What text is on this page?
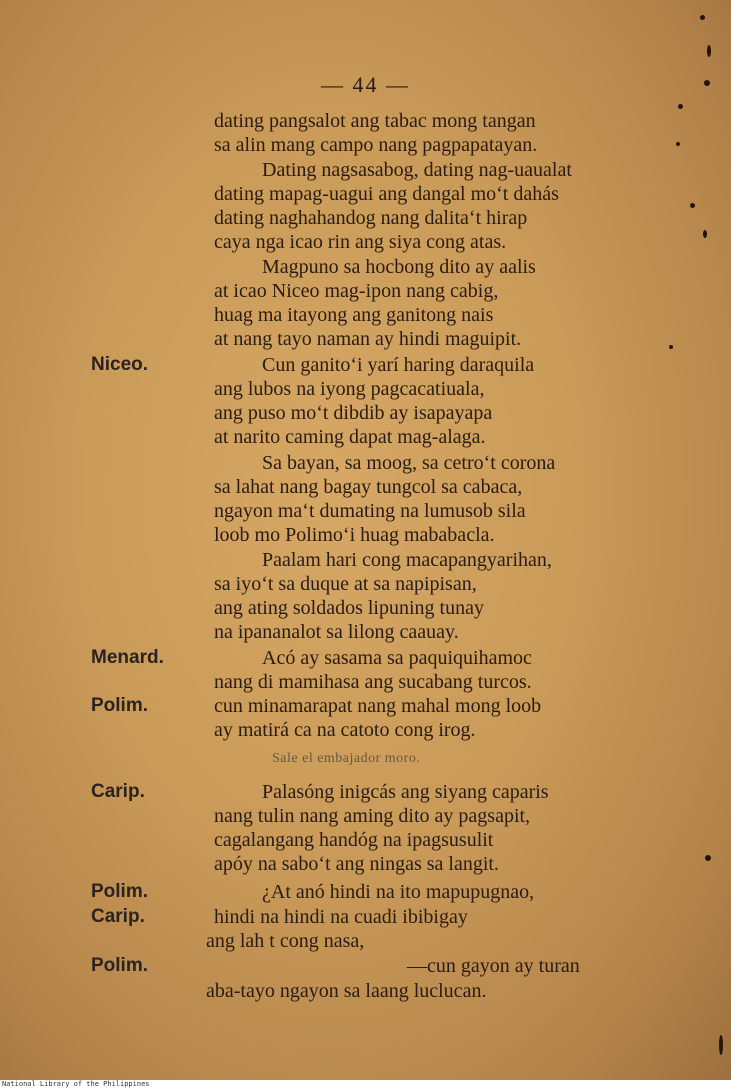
— 44 —
dating pangsalot ang tabac mong tangan
sa alin mang campo nang pagpapatayan.
Dating nagsasabog, dating nag-uaualat
dating mapag-uagui ang dangal mo‘t dahás
dating naghahandog nang dalita‘t hirap
caya nga icao rin ang siya cong atas.
Magpuno sa hocbong dito ay aalis
at icao Niceo mag-ipon nang cabig,
huag ma itayong ang ganitong nais
at nang tayo naman ay hindi maguipit.
Niceo.	Cun ganito‘i yarí haring daraquila
ang lubos na iyong pagcacatiuala,
ang puso mo‘t dibdib ay isapayapa
at narito caming dapat mag-alaga.
Sa bayan, sa moog, sa cetro‘t corona
sa lahat nang bagay tungcol sa cabaca,
ngayon ma‘t dumating na lumusob sila
loob mo Polimo‘i huag mababacla.
Paalam hari cong macapangyarihan,
sa iyo‘t sa duque at sa napipisan,
ang ating soldados lipuning tunay
na ipananalot sa lilong caauay.
Menard.	Acó ay sasama sa paquiquihamoc
nang di mamihasa ang sucabang turcos.
Polim.	cun minamarapat nang mahal mong loob
ay matirá ca na catoto cong irog.
Sale el embajador moro.
Carip.	Palasóng inigcás ang siyang caparis
nang tulin nang aming dito ay pagsapit,
cagalangang handóg na ipagsusulit
apóy na sabo‘t ang ningas sa langit.
Polim.	¿At anó hindi na ito mapupugnao,
Carip.	hindi na hindi na cuadi ibibigay
ang lah t cong nasa,
Polim.	—cun gayon ay turan
aba-tayo ngayon sa laang luclucan.
National Library of the Philippines
